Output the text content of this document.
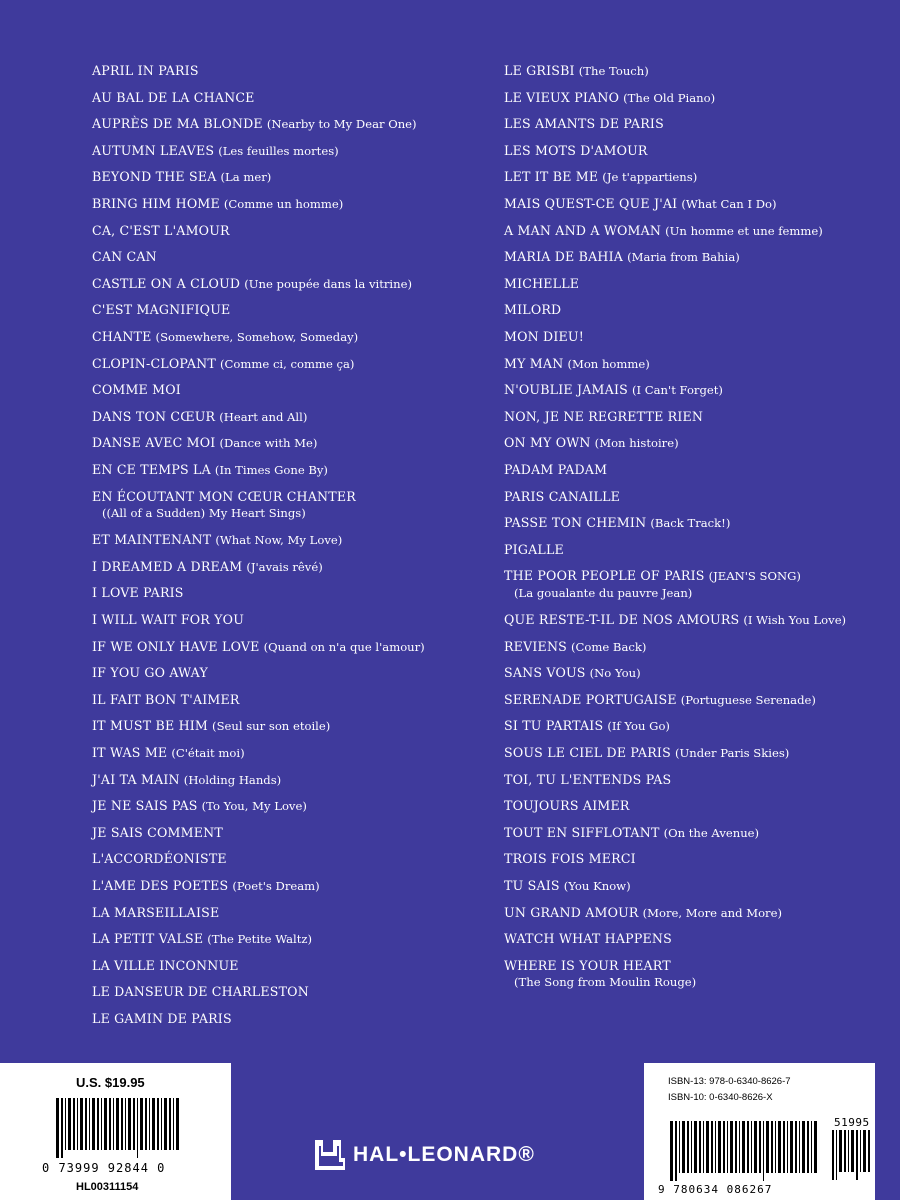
APRIL IN PARIS
AU BAL DE LA CHANCE
AUPRÈS DE MA BLONDE (Nearby to My Dear One)
AUTUMN LEAVES (Les feuilles mortes)
BEYOND THE SEA (La mer)
BRING HIM HOME (Comme un homme)
CA, C'EST L'AMOUR
CAN CAN
CASTLE ON A CLOUD (Une poupée dans la vitrine)
C'EST MAGNIFIQUE
CHANTE (Somewhere, Somehow, Someday)
CLOPIN-CLOPANT (Comme ci, comme ça)
COMME MOI
DANS TON CŒUR (Heart and All)
DANSE AVEC MOI (Dance with Me)
EN CE TEMPS LA (In Times Gone By)
EN ÉCOUTANT MON CŒUR CHANTER
((All of a Sudden) My Heart Sings)
ET MAINTENANT (What Now, My Love)
I DREAMED A DREAM (J'avais rêvé)
I LOVE PARIS
I WILL WAIT FOR YOU
IF WE ONLY HAVE LOVE (Quand on n'a que l'amour)
IF YOU GO AWAY
IL FAIT BON T'AIMER
IT MUST BE HIM (Seul sur son etoile)
IT WAS ME (C'était moi)
J'AI TA MAIN (Holding Hands)
JE NE SAIS PAS (To You, My Love)
JE SAIS COMMENT
L'ACCORDÉONISTE
L'AME DES POETES (Poet's Dream)
LA MARSEILLAISE
LA PETIT VALSE (The Petite Waltz)
LA VILLE INCONNUE
LE DANSEUR DE CHARLESTON
LE GAMIN DE PARIS
LE GRISBI (The Touch)
LE VIEUX PIANO (The Old Piano)
LES AMANTS DE PARIS
LES MOTS D'AMOUR
LET IT BE ME (Je t'appartiens)
MAIS QUEST-CE QUE J'AI (What Can I Do)
A MAN AND A WOMAN (Un homme et une femme)
MARIA DE BAHIA (Maria from Bahia)
MICHELLE
MILORD
MON DIEU!
MY MAN (Mon homme)
N'OUBLIE JAMAIS (I Can't Forget)
NON, JE NE REGRETTE RIEN
ON MY OWN (Mon histoire)
PADAM PADAM
PARIS CANAILLE
PASSE TON CHEMIN (Back Track!)
PIGALLE
THE POOR PEOPLE OF PARIS (JEAN'S SONG)
(La goualante du pauvre Jean)
QUE RESTE-T-IL DE NOS AMOURS (I Wish You Love)
REVIENS (Come Back)
SANS VOUS (No You)
SERENADE PORTUGAISE (Portuguese Serenade)
SI TU PARTAIS (If You Go)
SOUS LE CIEL DE PARIS (Under Paris Skies)
TOI, TU L'ENTENDS PAS
TOUJOURS AIMER
TOUT EN SIFFLOTANT (On the Avenue)
TROIS FOIS MERCI
TU SAIS (You Know)
UN GRAND AMOUR (More, More and More)
WATCH WHAT HAPPENS
WHERE IS YOUR HEART
(The Song from Moulin Rouge)
U.S. $19.95
0 73999 92844 0
HL00311154
ISBN-13: 978-0-6340-8626-7
ISBN-10: 0-6340-8626-X
51995
9 780634 086267
HAL•LEONARD®
